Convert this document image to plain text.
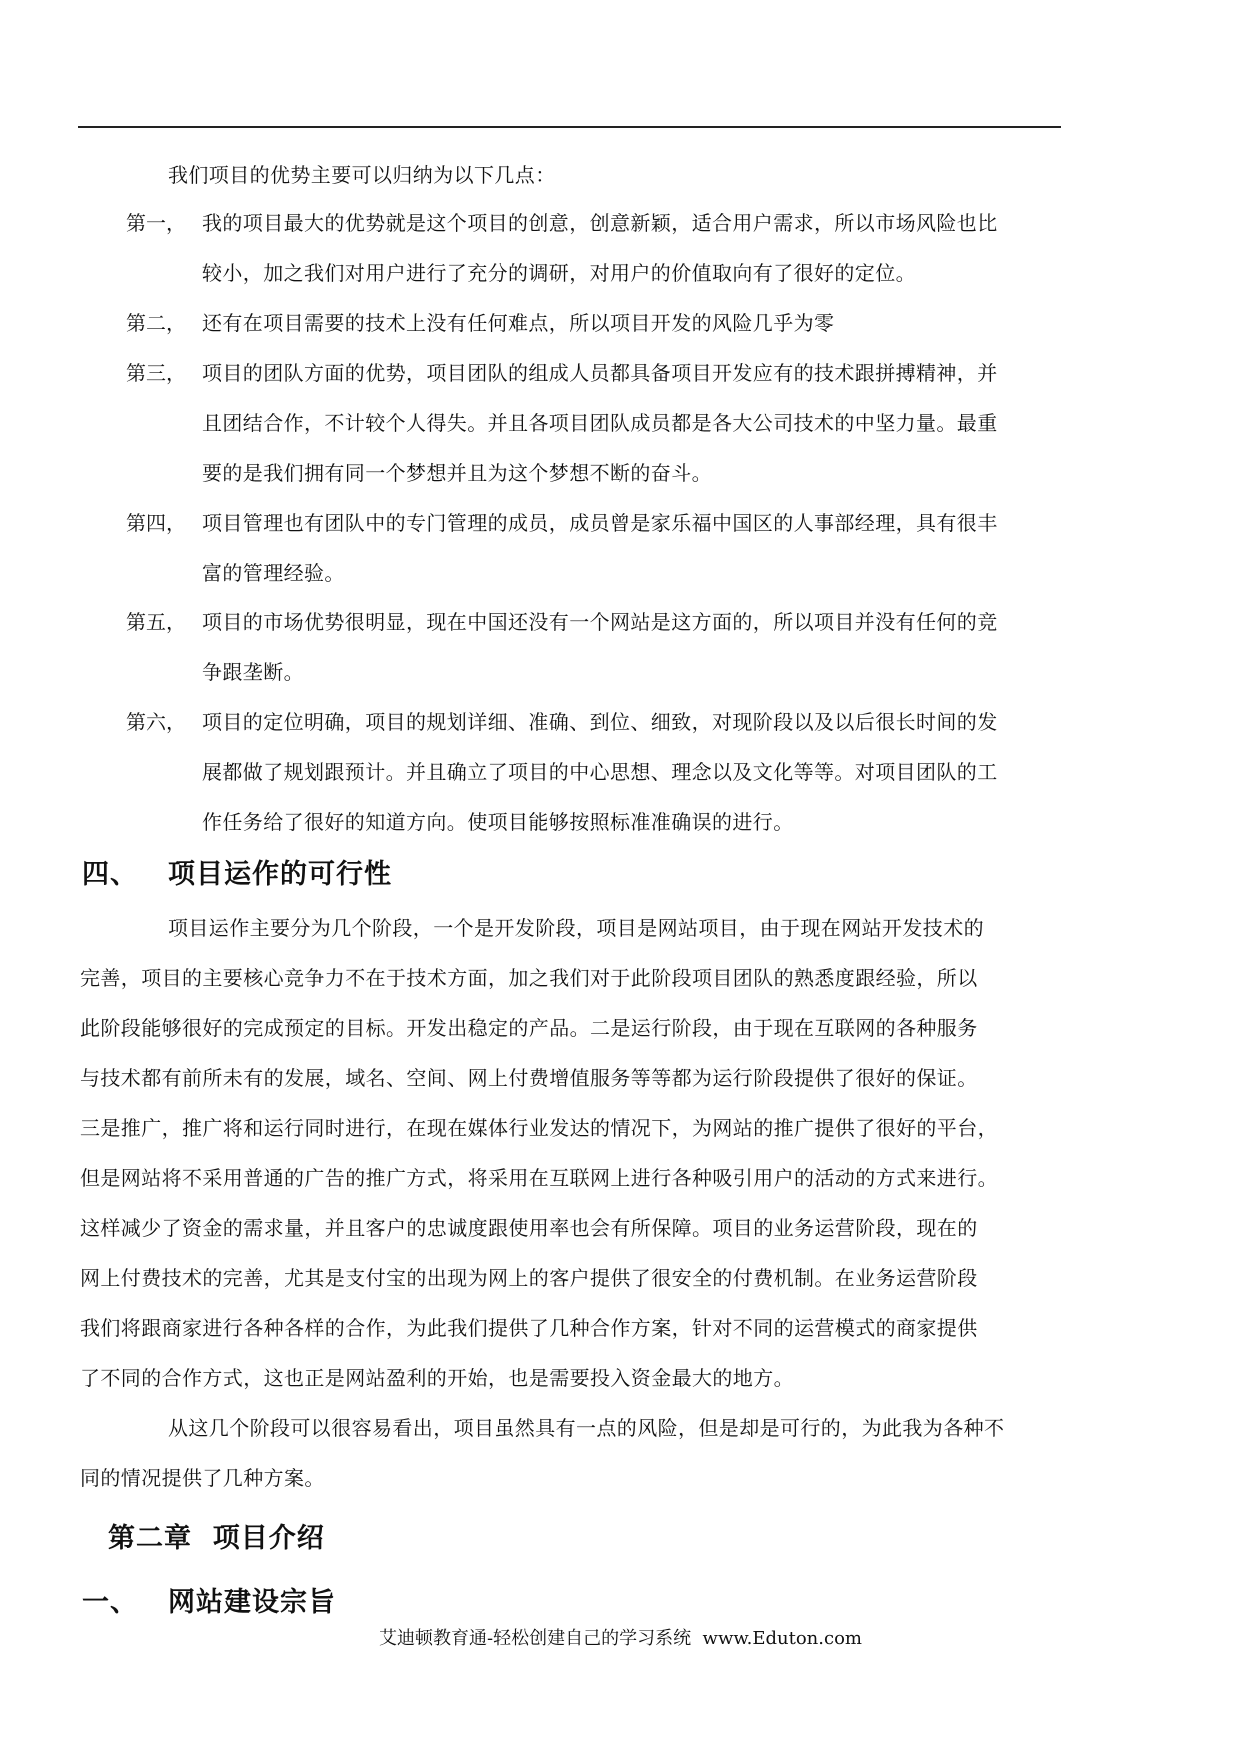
我们项目的优势主要可以归纳为以下几点：

第一， 我的项目最大的优势就是这个项目的创意，创意新颖，适合用户需求，所以市场风险也比
较小，加之我们对用户进行了充分的调研，对用户的价值取向有了很好的定位。
第二， 还有在项目需要的技术上没有任何难点，所以项目开发的风险几乎为零
第三， 项目的团队方面的优势，项目团队的组成人员都具备项目开发应有的技术跟拼搏精神，并
且团结合作，不计较个人得失。并且各项目团队成员都是各大公司技术的中坚力量。最重
要的是我们拥有同一个梦想并且为这个梦想不断的奋斗。
第四， 项目管理也有团队中的专门管理的成员，成员曾是家乐福中国区的人事部经理，具有很丰
富的管理经验。
第五， 项目的市场优势很明显，现在中国还没有一个网站是这方面的，所以项目并没有任何的竞
争跟垄断。
第六， 项目的定位明确，项目的规划详细、准确、到位、细致，对现阶段以及以后很长时间的发
展都做了规划跟预计。并且确立了项目的中心思想、理念以及文化等等。对项目团队的工
作任务给了很好的知道方向。使项目能够按照标准准确误的进行。
四、 项目运作的可行性
项目运作主要分为几个阶段，一个是开发阶段，项目是网站项目，由于现在网站开发技术的
完善，项目的主要核心竞争力不在于技术方面，加之我们对于此阶段项目团队的熟悉度跟经验，所以
此阶段能够很好的完成预定的目标。开发出稳定的产品。二是运行阶段，由于现在互联网的各种服务
与技术都有前所未有的发展，域名、空间、网上付费增值服务等等都为运行阶段提供了很好的保证。
三是推广，推广将和运行同时进行，在现在媒体行业发达的情况下，为网站的推广提供了很好的平台，
但是网站将不采用普通的广告的推广方式，将采用在互联网上进行各种吸引用户的活动的方式来进行。
这样减少了资金的需求量，并且客户的忠诚度跟使用率也会有所保障。项目的业务运营阶段，现在的
网上付费技术的完善，尤其是支付宝的出现为网上的客户提供了很安全的付费机制。在业务运营阶段
我们将跟商家进行各种各样的合作，为此我们提供了几种合作方案，针对不同的运营模式的商家提供
了不同的合作方式，这也正是网站盈利的开始，也是需要投入资金最大的地方。
从这几个阶段可以很容易看出，项目虽然具有一点的风险，但是却是可行的，为此我为各种不
同的情况提供了几种方案。
第二章  项目介绍
一、 网站建设宗旨
艾迪顿教育通-轻松创建自己的学习系统  www.Eduton.com
